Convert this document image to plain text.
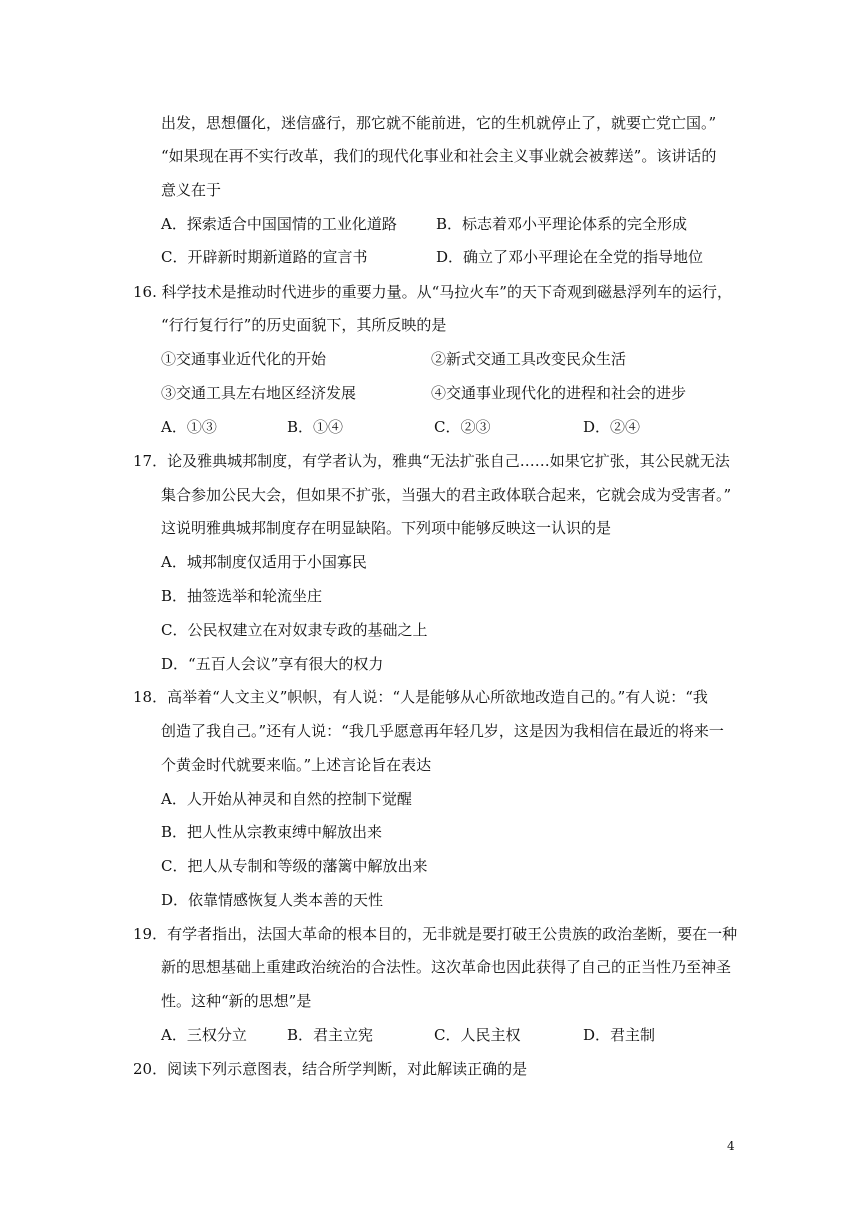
出发，思想僵化，迷信盛行，那它就不能前进，它的生机就停止了，就要亡党亡国。”
“如果现在再不实行改革，我们的现代化事业和社会主义事业就会被葬送”。该讲话的
意义在于
A．探索适合中国国情的工业化道路	B．标志着邓小平理论体系的完全形成
C．开辟新时期新道路的宣言书	D．确立了邓小平理论在全党的指导地位
16. 科学技术是推动时代进步的重要力量。从“马拉火车”的天下奇观到磁悬浮列车的运行，
“行行复行行”的历史面貌下，其所反映的是
①交通事业近代化的开始	②新式交通工具改变民众生活
③交通工具左右地区经济发展	④交通事业现代化的进程和社会的进步
A．①③	B．①④	C．②③	D．②④
17．论及雅典城邦制度，有学者认为，雅典“无法扩张自己……如果它扩张，其公民就无法
集合参加公民大会，但如果不扩张，当强大的君主政体联合起来，它就会成为受害者。”
这说明雅典城邦制度存在明显缺陷。下列项中能够反映这一认识的是
A．城邦制度仅适用于小国寡民
B．抽签选举和轮流坐庄
C．公民权建立在对奴隶专政的基础之上
D．“五百人会议”享有很大的权力
18．高举着“人文主义”帜帜，有人说：“人是能够从心所欲地改造自己的。”有人说：“我
创造了我自己。”还有人说：“我几乎愿意再年轻几岁，这是因为我相信在最近的将来一
个黄金时代就要来临。”上述言论旨在表达
A．人开始从神灵和自然的控制下觉醒
B．把人性从宗教束缚中解放出来
C．把人从专制和等级的藩篱中解放出来
D．依靠情感恢复人类本善的天性
19．有学者指出，法国大革命的根本目的，无非就是要打破王公贵族的政治垄断，要在一种
新的思想基础上重建政治统治的合法性。这次革命也因此获得了自己的正当性乃至神圣
性。这种“新的思想”是
A．三权分立	B．君主立宪	C．人民主权	D．君主制
20．阅读下列示意图表，结合所学判断，对此解读正确的是
4
